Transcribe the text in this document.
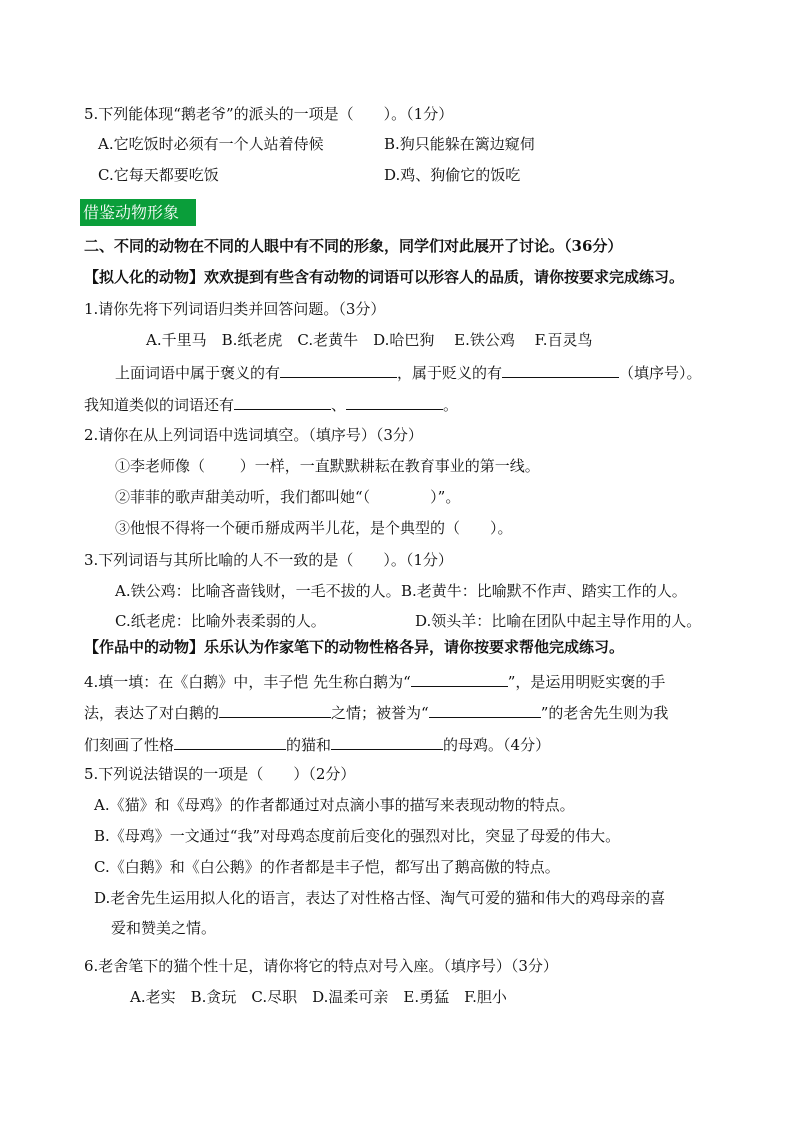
5.下列能体现“鹅老爷”的派头的一项是（　　）。（1分）
A.它吃饭时必须有一个人站着侍候	B.狗只能躲在篱边窥伺
C.它每天都要吃饭	D.鸡、狗偷它的饭吃
借鉴动物形象
二、不同的动物在不同的人眼中有不同的形象，同学们对此展开了讨论。（36分）
【拟人化的动物】欢欢提到有些含有动物的词语可以形容人的品质，请你按要求完成练习。
1.请你先将下列词语归类并回答问题。（3分）
A.千里马　B.纸老虎　C.老黄牛　D.哈巴狗　 E.铁公鸡　 F.百灵鸟
上面词语中属于褒义的有	，属于贬义的有	（填序号）。
我知道类似的词语还有	、	。
2.请你在从上列词语中选词填空。（填序号）（3分）
①李老师像（　　 ）一样，一直默默耕耘在教育事业的第一线。
②菲菲的歌声甜美动听，我们都叫她“（　　　　）”。
③他恨不得将一个硬币掰成两半儿花，是个典型的（　　）。
3.下列词语与其所比喻的人不一致的是（　　）。（1分）
A.铁公鸡：比喻吝啬钱财，一毛不拔的人。 B.老黄牛：比喻默不作声、踏实工作的人。
C.纸老虎：比喻外表柔弱的人。	D.领头羊：比喻在团队中起主导作用的人。
【作品中的动物】乐乐认为作家笔下的动物性格各异，请你按要求帮他完成练习。
4.填一填：在《白鹅》中，丰子恺 先生称白鹅为“	”，是运用明贬实褒的手
法，表达了对白鹅的	之情；被誉为“	”的老舍先生则为我
们刻画了性格	的猫和	的母鸡。（4分）
5.下列说法错误的一项是（　　）（2分）
A.《猫》和《母鸡》的作者都通过对点滴小事的描写来表现动物的特点。
B.《母鸡》一文通过“我”对母鸡态度前后变化的强烈对比，突显了母爱的伟大。
C.《白鹅》和《白公鹅》的作者都是丰子恺，都写出了鹅高傲的特点。
D.老舍先生运用拟人化的语言，表达了对性格古怪、淘气可爱的猫和伟大的鸡母亲的喜
爱和赞美之情。
6.老舍笔下的猫个性十足，请你将它的特点对号入座。（填序号）（3分）
A.老实　B.贪玩　C.尽职　D.温柔可亲　E.勇猛　F.胆小
